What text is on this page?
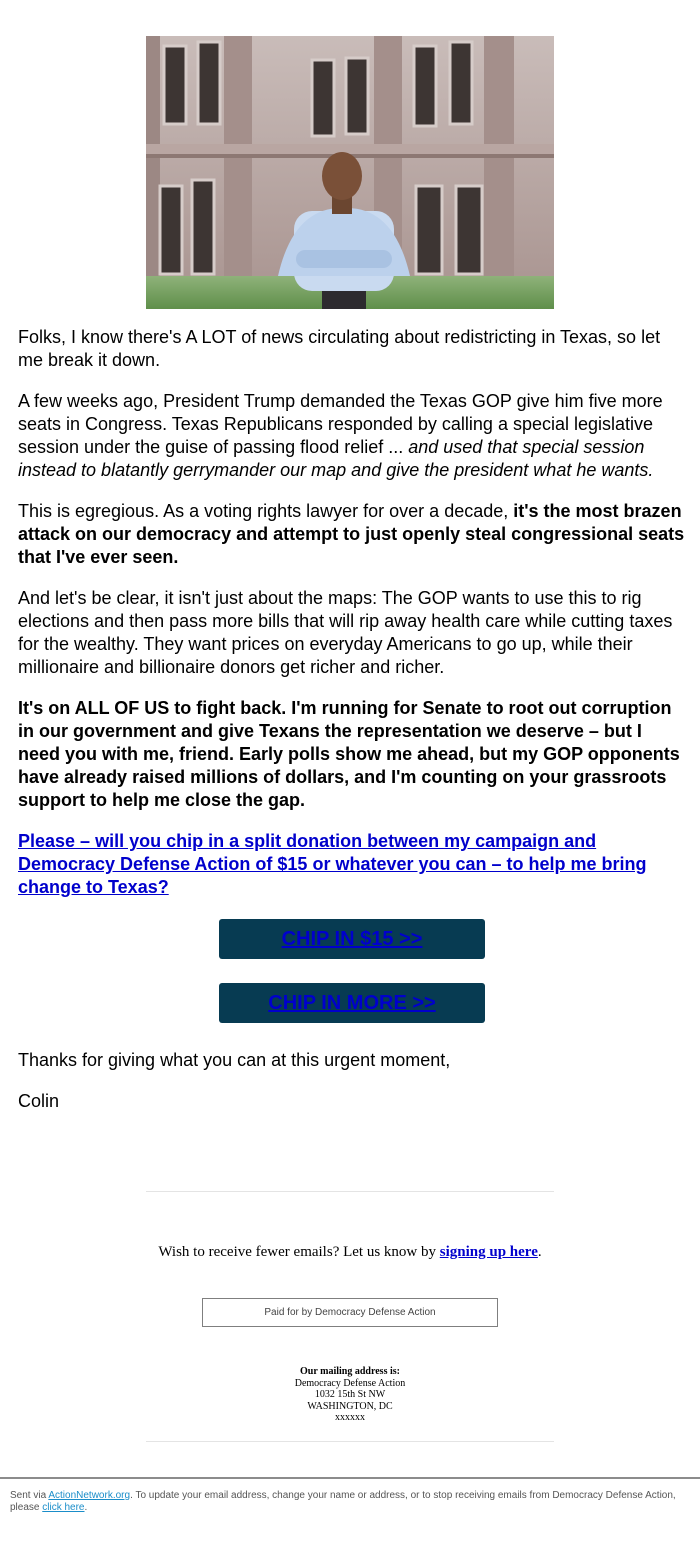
Folks, I know there's A LOT of news circulating about redistricting in Texas, so let me break it down.

A few weeks ago, President Trump demanded the Texas GOP give him five more seats in Congress. Texas Republicans responded by calling a special legislative session under the guise of passing flood relief ... and used that special session instead to blatantly gerrymander our map and give the president what he wants.

This is egregious. As a voting rights lawyer for over a decade, it's the most brazen attack on our democracy and attempt to just openly steal congressional seats that I've ever seen.

And let's be clear, it isn't just about the maps: The GOP wants to use this to rig elections and then pass more bills that will rip away health care while cutting taxes for the wealthy. They want prices on everyday Americans to go up, while their millionaire and billionaire donors get richer and richer.

It's on ALL OF US to fight back. I'm running for Senate to root out corruption in our government and give Texans the representation we deserve – but I need you with me, friend. Early polls show me ahead, but my GOP opponents have already raised millions of dollars, and I'm counting on your grassroots support to help me close the gap.

Please – will you chip in a split donation between my campaign and Democracy Defense Action of $15 or whatever you can – to help me bring change to Texas?

CHIP IN $15 >>
CHIP IN MORE >>

Thanks for giving what you can at this urgent moment,

Colin

Wish to receive fewer emails? Let us know by signing up here.
Paid for by Democracy Defense Action
Our mailing address is:
Democracy Defense Action
1032 15th St NW
WASHINGTON, DC
xxxxxx
Sent via ActionNetwork.org. To update your email address, change your name or address, or to stop receiving emails from Democracy Defense Action, please click here.
